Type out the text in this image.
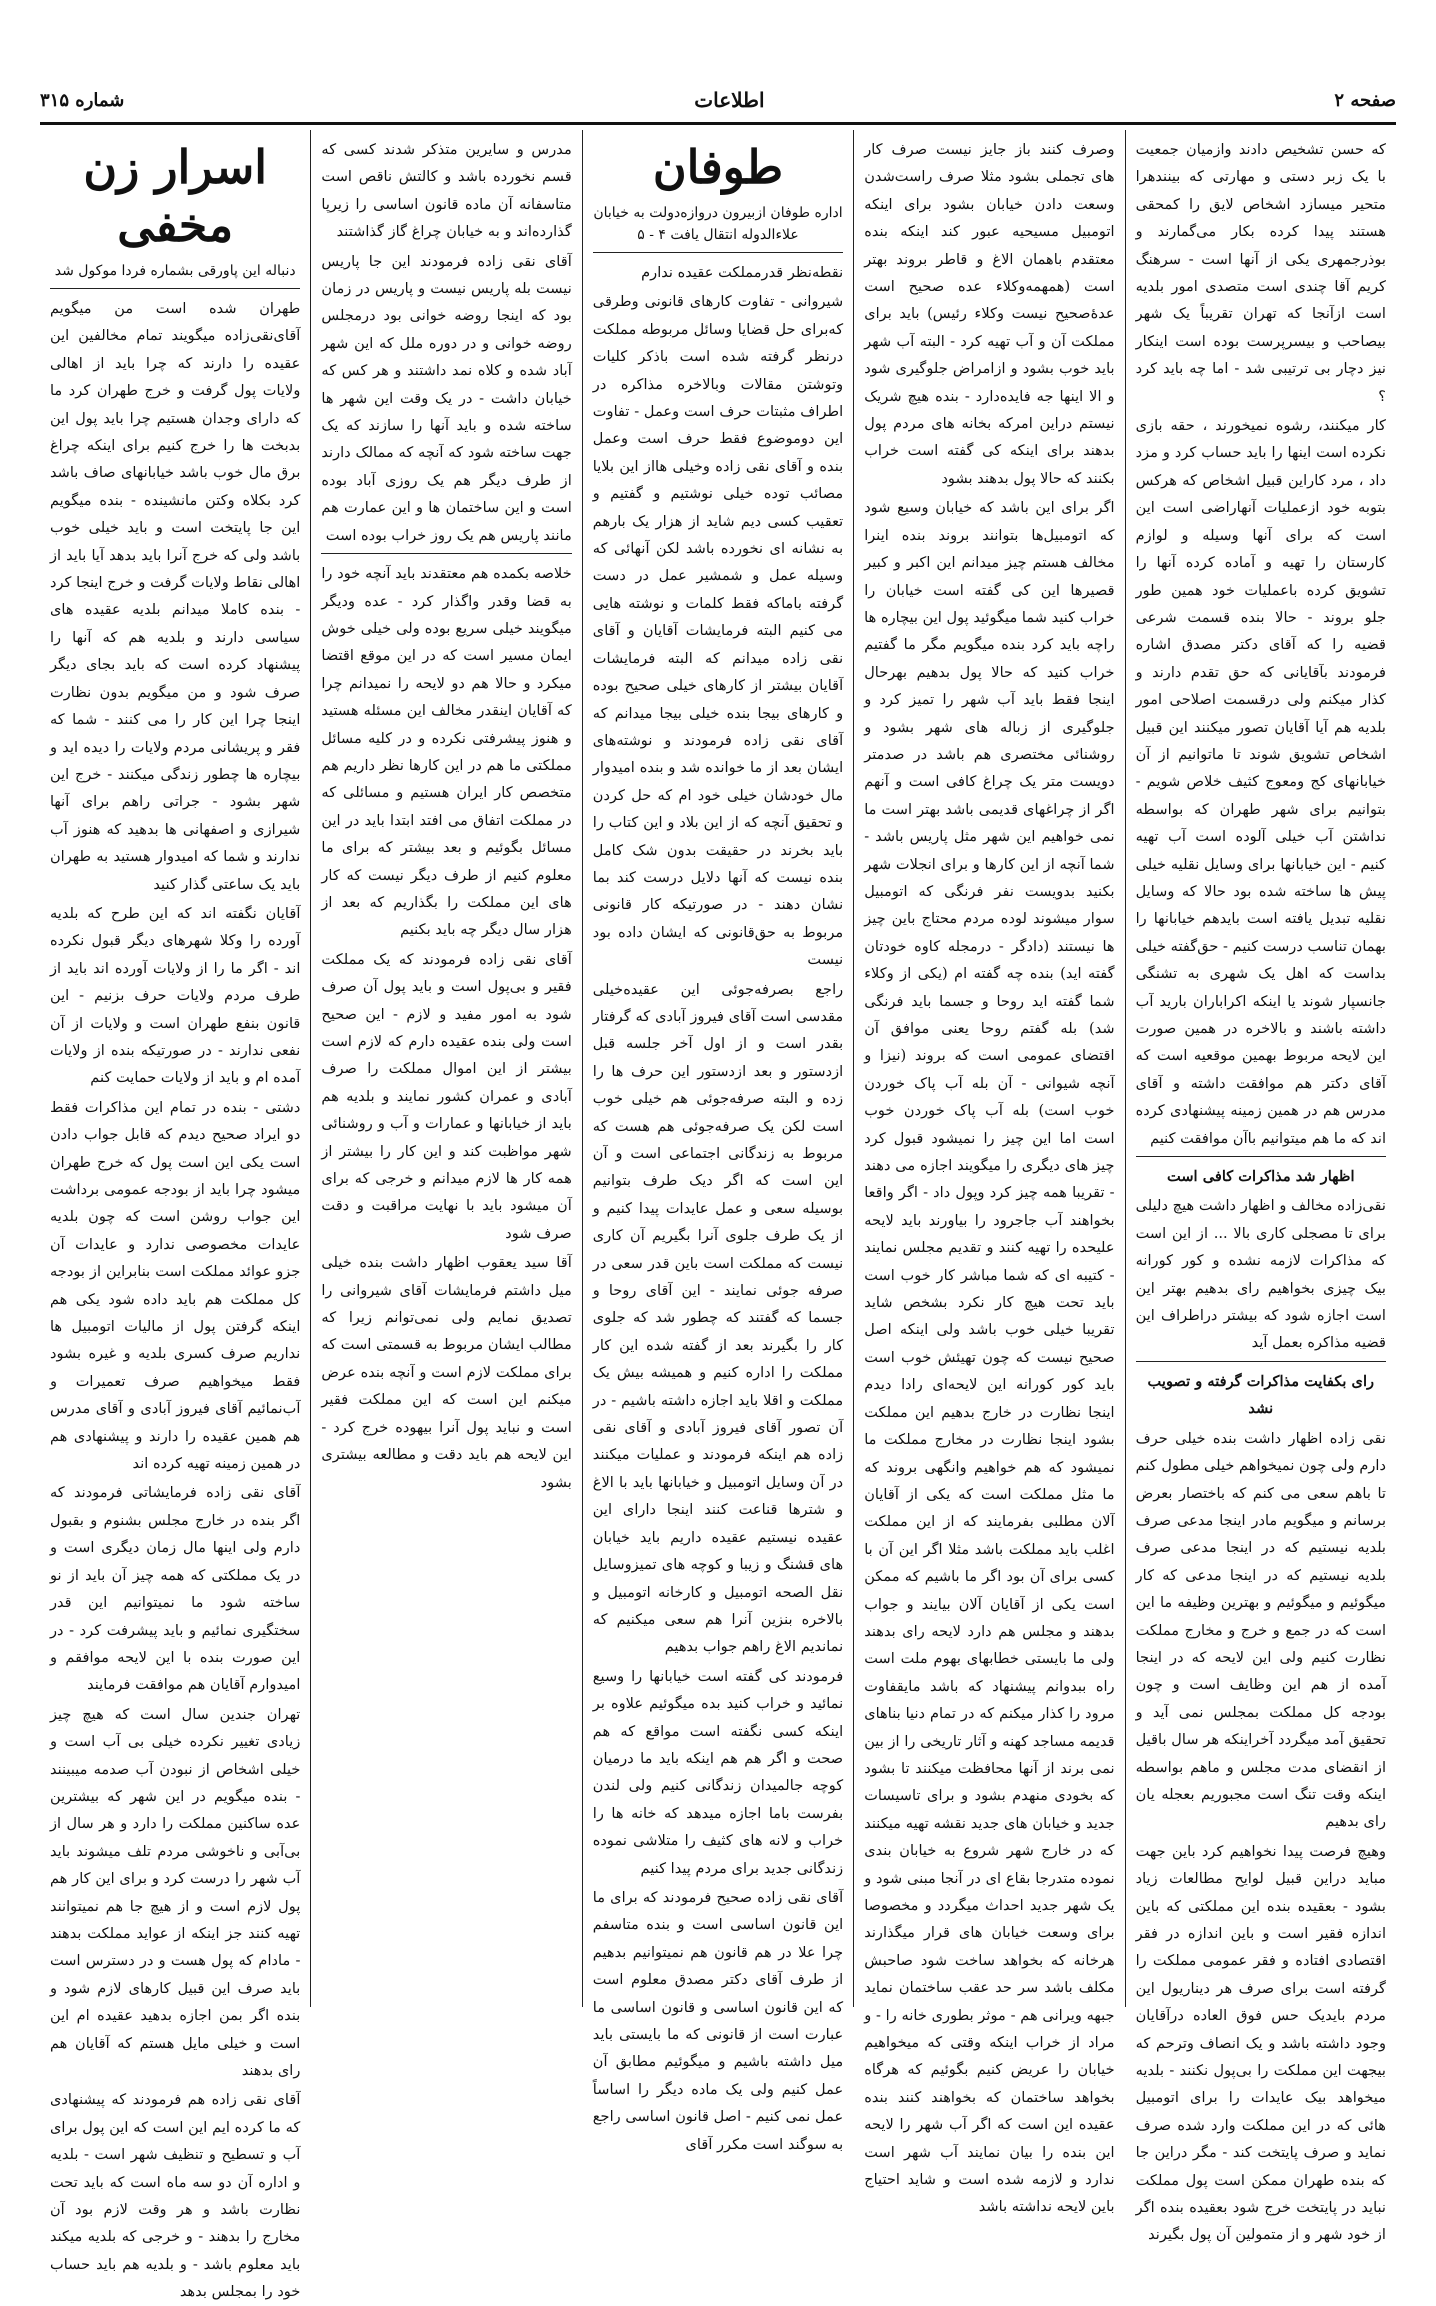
صفحه ۲
اطلاعات
شماره ۳۱۵

که حسن تشخیص دادند وازمیان جمعیت با یک زبر دستی و مهارتی که بینندهرا متحیر میسازد اشخاص لایق را کمحقی هستند پیدا کرده بکار می‌گمارند و بوذرجمهری یکی از آنها است - سرهنگ کریم آقا چندی است متصدی امور بلدیه است ازآنجا که تهران تقریباً یک شهر بیصاحب و بیسرپرست بوده است اینکار نیز دچار بی ترتیبی شد - اما چه باید کرد ؟

کار میکنند، رشوه نمیخورند ، حقه بازی نکرده است اینها را باید حساب کرد و مزد داد ، مرد کاراین قبیل اشخاص که هرکس بتوبه خود ازعملیات آنهاراضی است این است که برای آنها وسیله و لوازم کارستان را تهیه و آماده کرده آنها را تشویق کرده باعملیات خود همین طور جلو بروند - حالا بنده قسمت شرعی قضیه را که آقای دکتر مصدق اشاره فرمودند بآقایانی که حق تقدم دارند و کذار میکنم ولی درقسمت اصلاحی امور بلدیه هم آیا آقایان تصور میکنند این قبیل اشخاص تشویق شوند تا ماتوانیم از آن خیابانهای کج ومعوج کثیف خلاص شویم - بتوانیم برای شهر طهران که بواسطه نداشتن آب خیلی آلوده است آب تهیه کنیم - این خیابانها برای وسایل نقلیه خیلی پیش ها ساخته شده بود حالا که وسایل نقلیه تبدیل یافته است بایدهم خیابانها را بهمان تناسب درست کنیم - حق‌گفته خیلی بداست که اهل یک شهری به تشنگی جانسپار شوند یا اینکه اکراباران بارید آب داشته باشند و بالاخره در همین صورت این لایحه مربوط بهمین موقعیه است که آقای دکتر هم موافقت داشته و آقای مدرس هم در همین زمینه پیشنهادی کرده اند که ما هم میتوانیم باآن موافقت کنیم

اظهار شد مذاکرات کافی است

نقی‌زاده مخالف و اظهار داشت هیچ دلیلی برای تا مصجلی کاری بالا ... از این است که مذاکرات لازمه نشده و کور کورانه بیک چیزی بخواهیم رای بدهیم بهتر این است اجازه شود که بیشتر دراطراف این قضیه مذاکره بعمل آید

رای بکفایت مذاکرات گرفته و تصویب نشد

نقی زاده اظهار داشت بنده خیلی حرف دارم ولی چون نمیخواهم خیلی مطول کنم تا باهم سعی می کنم که باختصار بعرض برسانم و میگویم مادر اینجا مدعی صرف بلدیه نیستیم که در اینجا مدعی صرف بلدیه نیستیم که در اینجا مدعی که کار میگوئیم و میگوئیم و بهترین وظیفه ما این است که در جمع و خرج و مخارج مملکت نظارت کنیم ولی این لایحه که در اینجا آمده از هم این وظایف است و چون بودجه کل مملکت بمجلس نمی آید و تحقیق آمد میگردد آخراینکه هر سال باقیل از انقضای مدت مجلس و ماهم بواسطه اینکه وقت تنگ است مجبوریم بعجله یان رای بدهیم

وهیچ فرصت پیدا نخواهیم کرد باین جهت مباید دراین قبیل لوایح مطالعات زیاد بشود - بعقیده بنده این مملکتی که باین اندازه فقیر است و باین اندازه در فقر اقتصادی افتاده و فقر عمومی مملکت را گرفته است برای صرف هر دیناریول این مردم بایدیک حس فوق العاده درآقایان وجود داشته باشد و یک انصاف وترحم که بیجهت این مملکت را بی‌پول نکنند - بلدیه میخواهد بیک عایدات را برای اتومبیل هائی که در این مملکت وارد شده صرف نماید و صرف پایتخت کند - مگر دراین جا که بنده طهران ممکن است پول مملکت نباید در پایتخت خرج شود بعقیده بنده اگر از خود شهر و از متمولین آن پول بگیرند

وصرف کنند باز جایز نیست صرف کار های تجملی بشود مثلا صرف راست‌شدن وسعت دادن خیابان بشود برای اینکه اتومبیل مسیحیه عبور کند اینکه بنده معتقدم باهمان الاغ و قاطر بروند بهتر است (همهمه‌وکلاء عده صحیح است عدۀ‌صحیح نیست وکلاء رئیس) باید برای مملکت آن و آب تهیه کرد - البته آب شهر باید خوب بشود و ازامراض جلوگیری شود و الا اینها جه فایده‌دارد - بنده هیچ شریک نیستم دراین امرکه بخانه های مردم پول بدهند برای اینکه کی گفته است خراب بکنند که حالا پول بدهند بشود

اگر برای این باشد که خیابان وسیع شود که اتومبیل‌ها بتوانند بروند بنده اینرا مخالف هستم چیز میدانم این اکبر و کبیر قصیرها این کی گفته است خیابان را خراب کنید شما میگوئید پول این بیچاره ها راچه باید کرد بنده میگویم مگر ما گفتیم خراب کنید که حالا پول بدهیم بهرحال اینجا فقط باید آب شهر را تمیز کرد و جلوگیری از زباله های شهر بشود و روشنائی مختصری هم باشد در صدمتر دویست متر یک چراغ کافی است و آنهم اگر از چراغهای قدیمی باشد بهتر است ما نمی خواهیم این شهر مثل پاریس باشد - شما آنچه از این کارها و برای انجلات شهر بکنید بدویست نفر فرنگی که اتومبیل سوار میشوند لوده مردم محتاج باین چیز ها نیستند (دادگر - درمجله کاوه خودتان گفته اید) بنده چه گفته ام (یکی از وکلاء شما گفته اید روحا و جسما باید فرنگی شد) بله گفتم روحا یعنی موافق آن اقتضای عمومی است که بروند (نیزا و آنچه شیوانی - آن بله آب پاک خوردن خوب است) بله آب پاک خوردن خوب است اما این چیز را نمیشود قبول کرد چیز های دیگری را میگویند اجازه می دهند - تقریبا همه چیز کرد وپول داد - اگر واقعا بخواهند آب جاجرود را بیاورند باید لایحه علیحده را تهیه کنند و تقدیم مجلس نمایند - کتیبه ای که شما مباشر کار خوب است باید تحت هیچ کار نکرد بشخص شاید تقریبا خیلی خوب باشد ولی اینکه اصل صحیح نیست که چون تهیئش خوب است باید کور کورانه این لایحه‌ای رادا دیدم اینجا نظارت در خارج بدهیم این مملکت بشود اینجا نظارت در مخارج مملکت ما نمیشود که هم خواهیم وانگهی بروند که ما مثل مملکت است که یکی از آقایان آلان مطلبی بفرمایند که از این مملکت اغلب باید مملکت باشد مثلا اگر این آن با کسی برای آن بود اگر ما باشیم که ممکن است یکی از آقایان آلان بیایند و جواب بدهند و مجلس هم دارد لایحه رای بدهند ولی ما بایستی خطابهای بهوم ملت است راه ببدوانم پیشنهاد که باشد مایقفاوت مرود را کذار میکنم که در تمام دنیا بناهای قدیمه مساجد کهنه و آثار تاریخی را از بین نمی برند از آنها محافظت میکنند تا بشود که بخودی منهدم بشود و برای تاسیسات جدید و خیابان های جدید نقشه تهیه میکنند که در خارج شهر شروع به خیابان بندی نموده متدرجا بقاع ای در آنجا مبنی شود و یک شهر جدید احداث میگردد و مخصوصا برای وسعت خیابان های قرار میگذارند هرخانه که بخواهد ساخت شود صاحبش مکلف باشد سر حد عقب ساختمان نماید جبهه ویرانی هم - موثر بطوری خانه را - و مراد از خراب اینکه وقتی که میخواهیم خیابان را عریض کنیم بگوئیم که هرگاه بخواهد ساختمان که بخواهند کنند بنده عقیده این است که اگر آب شهر را لایحه این بنده را بیان نمایند آب شهر است ندارد و لازمه شده است و شاید احتیاج باین لایحه نداشته باشد

طوفان
اداره طوفان ازبیرون دروازه‌دولت به خیابان علاءالدوله انتقال یافت ۴ - ۵

نقطه‌نظر قدرمملکت عقیده ندارم

شیروانی - تفاوت کارهای قانونی وطرقی که‌برای حل قضایا وسائل مربوطه مملکت درنظر گرفته شده است باذکر کلیات وتوشتن مقالات وبالاخره مذاکره در اطراف مثبتات حرف است وعمل - تفاوت این دوموضوع فقط حرف است وعمل بنده و آقای نقی زاده وخیلی هااز این بلایا مصائب توده خیلی نوشتیم و گفتیم و تعقیب کسی دیم شاید از هزار یک بارهم به نشانه ای نخورده باشد لکن آنهائی که وسیله عمل و شمشیر عمل در دست گرفته باماکه فقط کلمات و نوشته هایی می کنیم البته فرمایشات آقایان و آقای نقی زاده میدانم که البته فرمایشات آقایان بیشتر از کارهای خیلی صحیح بوده و کارهای بیجا بنده خیلی بیجا میدانم که آقای نقی زاده فرمودند و نوشته‌های ایشان بعد از ما خوانده شد و بنده امیدوار مال خودشان خیلی خود ام که حل کردن و تحقیق آنچه که از این بلاد و این کتاب را باید بخرند در حقیقت بدون شک کامل بنده نیست که آنها دلایل درست کند بما نشان دهند - در صورتیکه کار قانونی مربوط به حق‌قانونی که ایشان داده بود نیست

راجع بصرفه‌جوئی این عقیده‌خیلی مقدسی است آقای فیروز آبادی که گرفتار بقدر است و از اول آخر جلسه قبل ازدستور و بعد ازدستور این حرف ها را زده و البته صرفه‌جوئی هم خیلی خوب است لکن یک صرفه‌جوئی هم هست که مربوط به زندگانی اجتماعی است و آن این است که اگر دیک طرف بتوانیم بوسیله سعی و عمل عایدات پیدا کنیم و از یک طرف جلوی آنرا بگیریم آن کاری نیست که مملکت است باین قدر سعی در صرفه جوئی نمایند - این آقای روحا و جسما که گفتند که چطور شد که جلوی کار را بگیرند بعد از گفته شده این کار مملکت را اداره کنیم و همیشه بیش یک مملکت و اقلا باید اجازه داشته باشیم - در آن تصور آقای فیروز آبادی و آقای نقی زاده هم اینکه فرمودند و عملیات میکنند در آن وسایل اتومبیل و خیابانها باید با الاغ و شترها قناعت کنند اینجا دارای این عقیده نیستیم عقیده داریم باید خیابان های قشنگ و زیبا و کوچه های تمیزوسایل نقل الصحه اتومبیل و کارخانه اتومبیل و بالاخره بنزین آنرا هم سعی میکنیم که نماندیم الاغ راهم جواب بدهیم

فرمودند کی گفته است خیابانها را وسیع نمائید و خراب کنید بده میگوئیم علاوه بر اینکه کسی نگفته است مواقع که هم صحت و اگر هم هم اینکه باید ما درمیان کوچه جالمیدان زندگانی کنیم ولی لندن بفرست باما اجازه میدهد که خانه ها را خراب و لانه های کثیف را متلاشی نموده زندگانی جدید برای مردم پیدا کنیم

آقای نقی زاده صحیح فرمودند که برای ما این قانون اساسی است و بنده متاسفم چرا علا در هم قانون هم نمیتوانیم بدهیم از طرف آقای دکتر مصدق معلوم است که این قانون اساسی و قانون اساسی ما عبارت است از قانونی که ما بایستی باید میل داشته باشیم و میگوئیم مطابق آن عمل کنیم ولی یک ماده دیگر را اساساً عمل نمی کنیم - اصل قانون اساسی راجع به سوگند است مکرر آقای

مدرس و سایرین متذکر شدند کسی که قسم نخورده باشد و کالتش ناقص است متاسفانه آن ماده قانون اساسی را زیرپا گذارده‌اند و به خیابان چراغ گاز گذاشتند

آقای نقی زاده فرمودند این جا پاریس نیست بله پاریس نیست و پاریس در زمان بود که اینجا روضه خوانی بود درمجلس روضه خوانی و در دوره ملل که این شهر آباد شده و کلاه نمد داشتند و هر کس که خیابان داشت - در یک وقت این شهر ها ساخته شده و باید آنها را سازند که یک جهت ساخته شود که آنچه که ممالک دارند از طرف دیگر هم یک روزی آباد بوده است و این ساختمان ها و این عمارت هم مانند پاریس هم یک روز خراب بوده است

خلاصه بکمده هم معتقدند باید آنچه خود را به قضا وقدر واگذار کرد - عده ودیگر میگویند خیلی سریع بوده ولی خیلی خوش ایمان مسیر است که در این موقع اقتضا میکرد و حالا هم دو لایحه را نمیدانم چرا که آقایان اینقدر مخالف این مسئله هستید و هنوز پیشرفتی نکرده و در کلیه مسائل مملکتی ما هم در این کارها نظر داریم هم متخصص کار ایران هستیم و مسائلی که در مملکت اتفاق می افتد ابتدا باید در این مسائل بگوئیم و بعد بیشتر که برای ما معلوم کنیم از طرف دیگر نیست که کار های این مملکت را بگذاریم که بعد از هزار سال دیگر چه باید بکنیم

آقای نقی زاده فرمودند که یک مملکت فقیر و بی‌پول است و باید پول آن صرف شود به امور مفید و لازم - این صحیح است ولی بنده عقیده دارم که لازم است بیشتر از این اموال مملکت را صرف آبادی و عمران کشور نمایند و بلدیه هم باید از خیابانها و عمارات و آب و روشنائی شهر مواظبت کند و این کار را بیشتر از همه کار ها لازم میدانم و خرجی که برای آن میشود باید با نهایت مراقبت و دقت صرف شود

آقا سید یعقوب اظهار داشت بنده خیلی میل داشتم فرمایشات آقای شیروانی را تصدیق نمایم ولی نمی‌توانم زیرا که مطالب ایشان مربوط به قسمتی است که برای مملکت لازم است و آنچه بنده عرض میکنم این است که این مملکت فقیر است و نباید پول آنرا بیهوده خرج کرد - این لایحه هم باید دقت و مطالعه بیشتری بشود

اسرار زن مخفی
دنباله این پاورقی بشماره فردا موکول شد

طهران شده است من میگویم آقای‌نقی‌زاده میگویند تمام مخالفین این عقیده را دارند که چرا باید از اهالی ولایات پول گرفت و خرج طهران کرد ما که دارای وجدان هستیم چرا باید پول این بدبخت ها را خرج کنیم برای اینکه چراغ برق مال خوب باشد خیابانهای صاف باشد کرد بکلاه وکتن مانشینده - بنده میگویم این جا پایتخت است و باید خیلی خوب باشد ولی که خرج آنرا باید بدهد آیا باید از اهالی نقاط ولایات گرفت و خرج اینجا کرد - بنده کاملا میدانم بلدیه عقیده های سیاسی دارند و بلدیه هم که آنها را پیشنهاد کرده است که باید بجای دیگر صرف شود و من میگویم بدون نظارت اینجا چرا این کار را می کنند - شما که فقر و پریشانی مردم ولایات را دیده اید و بیچاره ها چطور زندگی میکنند - خرج این شهر بشود - جراتی راهم برای آنها شیرازی و اصفهانی ها بدهید که هنوز آب ندارند و شما که امیدوار هستید به طهران باید یک ساعتی گذار کنید

آقایان نگفته اند که این طرح که بلدیه آورده را وکلا شهرهای دیگر قبول نکرده اند - اگر ما را از ولایات آورده اند باید از طرف مردم ولایات حرف بزنیم - این قانون بنفع طهران است و ولایات از آن نفعی ندارند - در صورتیکه بنده از ولایات آمده ام و باید از ولایات حمایت کنم

دشتی - بنده در تمام این مذاکرات فقط دو ایراد صحیح دیدم که قابل جواب دادن است یکی این است پول که خرج طهران میشود چرا باید از بودجه عمومی برداشت این جواب روشن است که چون بلدیه عایدات مخصوصی ندارد و عایدات آن جزو عوائد مملکت است بنابراین از بودجه کل مملکت هم باید داده شود یکی هم اینکه گرفتن پول از مالیات اتومبیل ها نداریم صرف کسری بلدیه و غیره بشود فقط میخواهیم صرف تعمیرات و آب‌نمائیم آقای فیروز آبادی و آقای مدرس هم همین عقیده را دارند و پیشنهادی هم در همین زمینه تهیه کرده اند

آقای نقی زاده فرمایشاتی فرمودند که اگر بنده در خارج مجلس بشنوم و بقبول دارم ولی اینها مال زمان دیگری است و در یک مملکتی که همه چیز آن باید از نو ساخته شود ما نمیتوانیم این قدر سختگیری نمائیم و باید پیشرفت کرد - در این صورت بنده با این لایحه موافقم و امیدوارم آقایان هم موافقت فرمایند

تهران جندین سال است که هیچ چیز زیادی تغییر نکرده خیلی بی آب است و خیلی اشخاص از نبودن آب صدمه میبینند - بنده میگویم در این شهر که بیشترین عده ساکنین مملکت را دارد و هر سال از بی‌آبی و ناخوشی مردم تلف میشوند باید آب شهر را درست کرد و برای این کار هم پول لازم است و از هیچ جا هم نمیتوانند تهیه کنند جز اینکه از عواید مملکت بدهند - مادام که پول هست و در دسترس است باید صرف این قبیل کارهای لازم شود و بنده اگر بمن اجازه بدهید عقیده ام این است و خیلی مایل هستم که آقایان هم رای بدهند

آقای نقی زاده هم فرمودند که پیشنهادی که ما کرده ایم این است که این پول برای آب و تسطیح و تنظیف شهر است - بلدیه و اداره آن دو سه ماه است که باید تحت نظارت باشد و هر وقت لازم بود آن مخارج را بدهند - و خرجی که بلدیه میکند باید معلوم باشد - و بلدیه هم باید حساب خود را بمجلس بدهد
